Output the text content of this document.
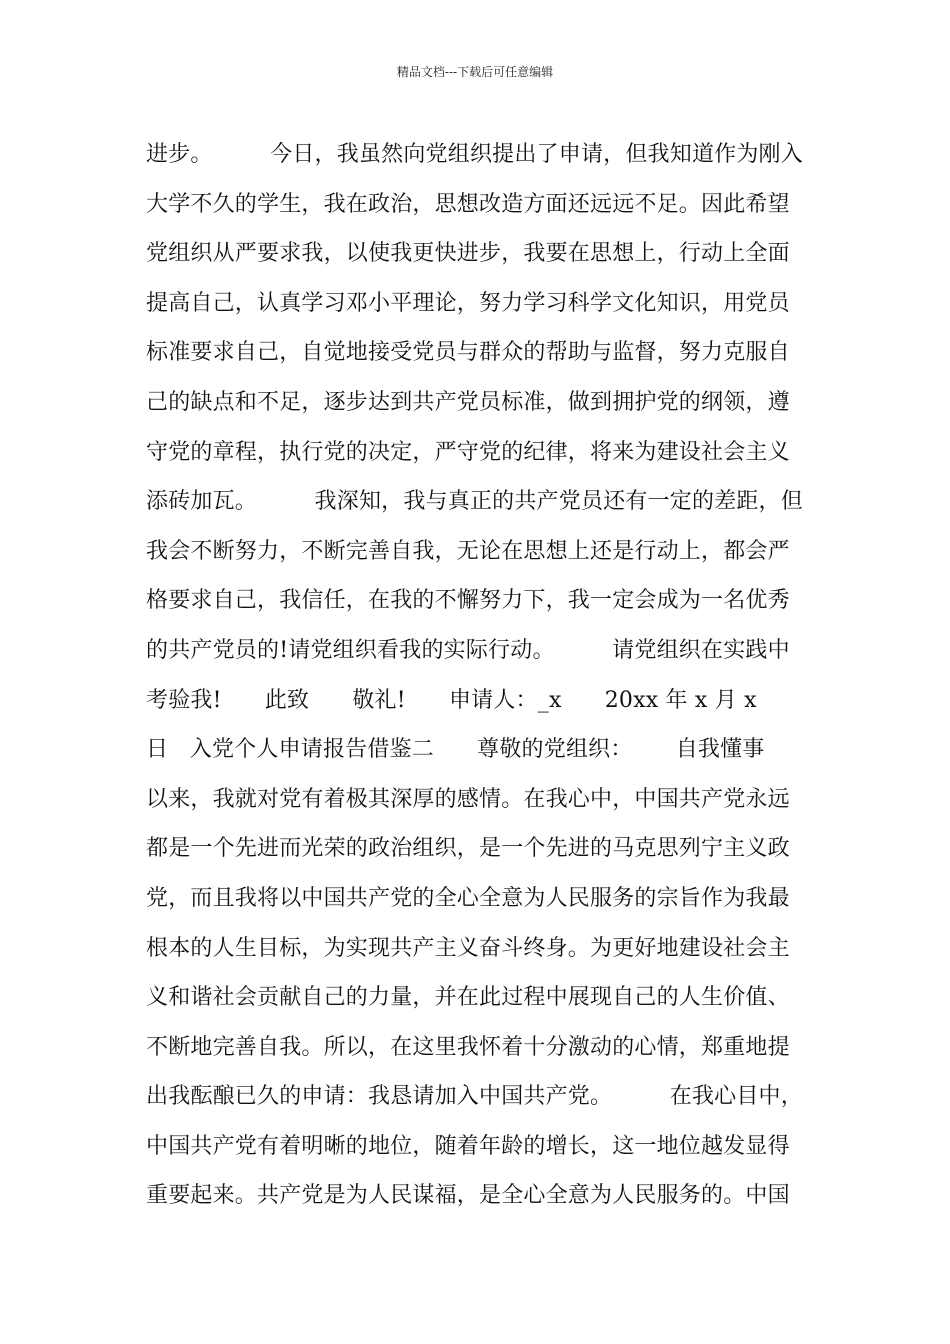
精品文档---下载后可任意编辑
进步。        今日，我虽然向党组织提出了申请，但我知道作为刚入
大学不久的学生，我在政治，思想改造方面还远远不足。因此希望
党组织从严要求我，以使我更快进步，我要在思想上，行动上全面
提高自己，认真学习邓小平理论，努力学习科学文化知识，用党员
标准要求自己，自觉地接受党员与群众的帮助与监督，努力克服自
己的缺点和不足，逐步达到共产党员标准，做到拥护党的纲领，遵
守党的章程，执行党的决定，严守党的纪律，将来为建设社会主义
添砖加瓦。        我深知，我与真正的共产党员还有一定的差距，但
我会不断努力，不断完善自我，无论在思想上还是行动上，都会严
格要求自己，我信任，在我的不懈努力下，我一定会成为一名优秀
的共产党员的!请党组织看我的实际行动。        请党组织在实践中
考验我!      此致      敬礼!      申请人：_x      20xx 年 x 月 x
日   入党个人申请报告借鉴二      尊敬的党组织：      自我懂事
以来，我就对党有着极其深厚的感情。在我心中，中国共产党永远
都是一个先进而光荣的政治组织，是一个先进的马克思列宁主义政
党，而且我将以中国共产党的全心全意为人民服务的宗旨作为我最
根本的人生目标，为实现共产主义奋斗终身。为更好地建设社会主
义和谐社会贡献自己的力量，并在此过程中展现自己的人生价值、
不断地完善自我。所以，在这里我怀着十分激动的心情，郑重地提
出我酝酿已久的申请：我恳请加入中国共产党。        在我心目中，
中国共产党有着明晰的地位，随着年龄的增长，这一地位越发显得
重要起来。共产党是为人民谋福，是全心全意为人民服务的。中国
